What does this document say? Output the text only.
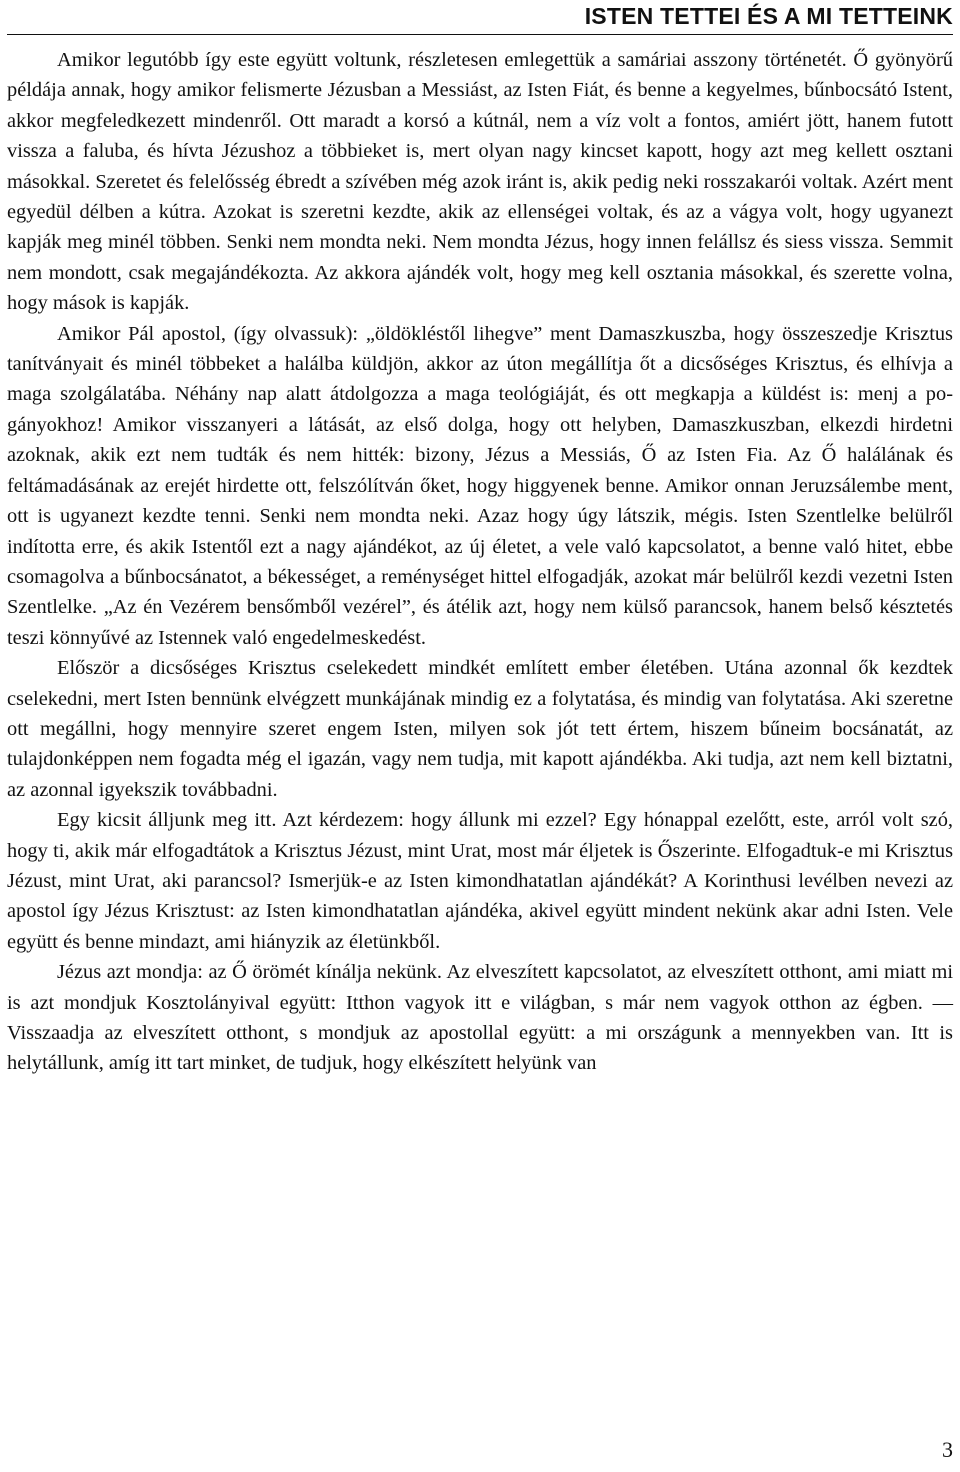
ISTEN TETTEI ÉS A MI TETTEINK

Amikor legutóbb így este együtt voltunk, részletesen emlegettük a samáriai asszony történetét. Ő gyönyörű példája annak, hogy amikor felismerte Jézusban a Messiást, az Isten Fiát, és benne a kegyelmes, bűnbocsátó Istent, akkor megfeledkezett mindenről. Ott maradt a korsó a kútnál, nem a víz volt a fontos, amiért jött, hanem futott vissza a faluba, és hívta Jézushoz a többieket is, mert olyan nagy kincset kapott, hogy azt meg kellett osztani másokkal. Szeretet és felelősség ébredt a szívében még azok iránt is, akik pedig neki rosszakarói voltak. Azért ment egyedül délben a kútra. Azokat is szeretni kezdte, akik az ellenségei voltak, és az a vágya volt, hogy ugyanezt kapják meg minél többen. Senki nem mondta neki. Nem mondta Jézus, hogy innen felállsz és siess vissza. Semmit nem mondott, csak megajándékozta. Az akkora ajándék volt, hogy meg kell osztania másokkal, és szerette volna, hogy mások is kapják.

Amikor Pál apostol, (így olvassuk): „öldökléstől lihegve” ment Damaszkuszba, hogy összeszedje Krisztus tanítványait és minél többeket a halálba küldjön, akkor az úton megállítja őt a dicsőséges Krisztus, és elhívja a maga szolgálatába. Néhány nap alatt átdolgozza a maga teológiáját, és ott megkapja a küldést is: menj a pogányokhoz! Amikor visszanyeri a látását, az első dolga, hogy ott helyben, Damaszkuszban, elkezdi hirdetni azoknak, akik ezt nem tudták és nem hitték: bizony, Jézus a Messiás, Ő az Isten Fia. Az Ő halálának és feltámadásának az erejét hirdette ott, felszólítván őket, hogy higgyenek benne. Amikor onnan Jeruzsálembe ment, ott is ugyanezt kezdte tenni. Senki nem mondta neki. Azaz hogy úgy látszik, mégis. Isten Szentlelke belülről indította erre, és akik Istentől ezt a nagy ajándékot, az új életet, a vele való kapcsolatot, a benne való hitet, ebbe csomagolva a bűnbocsánatot, a békességet, a reménységet hittel elfogadják, azokat már belülről kezdi vezetni Isten Szentlelke. „Az én Vezérem bensőmből vezérel”, és átélik azt, hogy nem külső parancsok, hanem belső késztetés teszi könnyűvé az Istennek való engedelmeskedést.

Először a dicsőséges Krisztus cselekedett mindkét említett ember életében. Utána azonnal ők kezdtek cselekedni, mert Isten bennünk elvégzett munkájának mindig ez a folytatása, és mindig van folytatása. Aki szeretne ott megállni, hogy mennyire szeret engem Isten, milyen sok jót tett értem, hiszem bűneim bocsánatát, az tulajdonképpen nem fogadta még el igazán, vagy nem tudja, mit kapott ajándékba. Aki tudja, azt nem kell biztatni, az azonnal igyekszik továbbadni.

Egy kicsit álljunk meg itt. Azt kérdezem: hogy állunk mi ezzel? Egy hónappal ezelőtt, este, arról volt szó, hogy ti, akik már elfogadtátok a Krisztus Jézust, mint Urat, most már éljetek is Őszerinte. Elfogadtuk-e mi Krisztus Jézust, mint Urat, aki parancsol? Ismerjük-e az Isten kimondhatatlan ajándékát? A Korinthusi levélben nevezi az apostol így Jézus Krisztust: az Isten kimondhatatlan ajándéka, akivel együtt mindent nekünk akar adni Isten. Vele együtt és benne mindazt, ami hiányzik az életünkből.

Jézus azt mondja: az Ő örömét kínálja nekünk. Az elveszített kapcsolatot, az elveszített otthont, ami miatt mi is azt mondjuk Kosztolányival együtt: Itthon vagyok itt e világban, s már nem vagyok otthon az égben. — Visszaadja az elveszített otthont, s mondjuk az apostollal együtt: a mi országunk a mennyekben van. Itt is helytállunk, amíg itt tart minket, de tudjuk, hogy elkészített helyünk van

3
